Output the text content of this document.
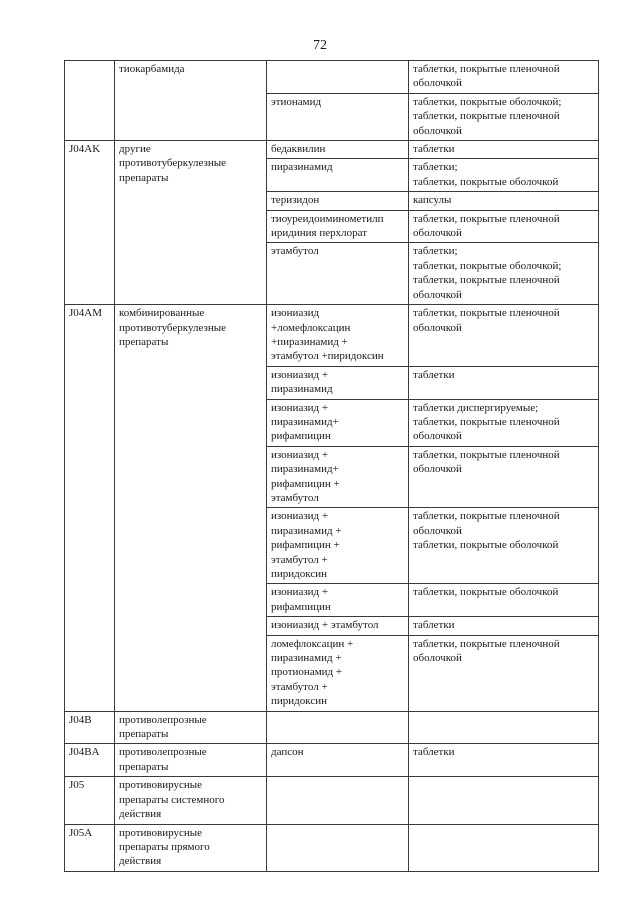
72
	тиокарбамида		таблетки, покрытые пленочной
оболочкой
		этионамид	таблетки, покрытые оболочкой;
таблетки, покрытые пленочной
оболочкой
J04AK	другие
противотуберкулезные
препараты	бедаквилин	таблетки
		пиразинамид	таблетки;
таблетки, покрытые оболочкой
		теризидон	капсулы
		тиоуреидоиминометилп
иридиния перхлорат	таблетки, покрытые пленочной
оболочкой
		этамбутол	таблетки;
таблетки, покрытые оболочкой;
таблетки, покрытые пленочной
оболочкой
J04AM	комбинированные
противотуберкулезные
препараты	изониазид
+ломефлоксацин
+пиразинамид +
этамбутол +пиридоксин	таблетки, покрытые пленочной
оболочкой
		изониазид +
пиразинамид	таблетки
		изониазид +
пиразинамид+
рифампицин	таблетки диспергируемые;
таблетки, покрытые пленочной
оболочкой
		изониазид +
пиразинамид+
рифампицин +
этамбутол	таблетки, покрытые пленочной
оболочкой
		изониазид +
пиразинамид +
рифампицин +
этамбутол +
пиридоксин	таблетки, покрытые пленочной
оболочкой
таблетки, покрытые оболочкой
		изониазид +
рифампицин	таблетки, покрытые оболочкой
		изониазид + этамбутол	таблетки
		ломефлоксацин +
пиразинамид +
протионамид +
этамбутол +
пиридоксин	таблетки, покрытые пленочной
оболочкой
J04B	противолепрозные
препараты		
J04BA	противолепрозные
препараты	дапсон	таблетки
J05	противовирусные
препараты системного
действия		
J05A	противовирусные
препараты прямого
действия		
